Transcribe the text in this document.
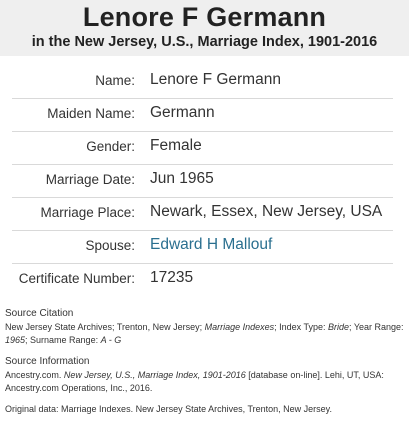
Lenore F Germann
in the New Jersey, U.S., Marriage Index, 1901-2016
Name: Lenore F Germann
Maiden Name: Germann
Gender: Female
Marriage Date: Jun 1965
Marriage Place: Newark, Essex, New Jersey, USA
Spouse: Edward H Mallouf
Certificate Number: 17235
Source Citation
New Jersey State Archives; Trenton, New Jersey; Marriage Indexes; Index Type: Bride; Year Range: 1965; Surname Range: A - G
Source Information
Ancestry.com. New Jersey, U.S., Marriage Index, 1901-2016 [database on-line]. Lehi, UT, USA: Ancestry.com Operations, Inc., 2016.
Original data: Marriage Indexes. New Jersey State Archives, Trenton, New Jersey.
